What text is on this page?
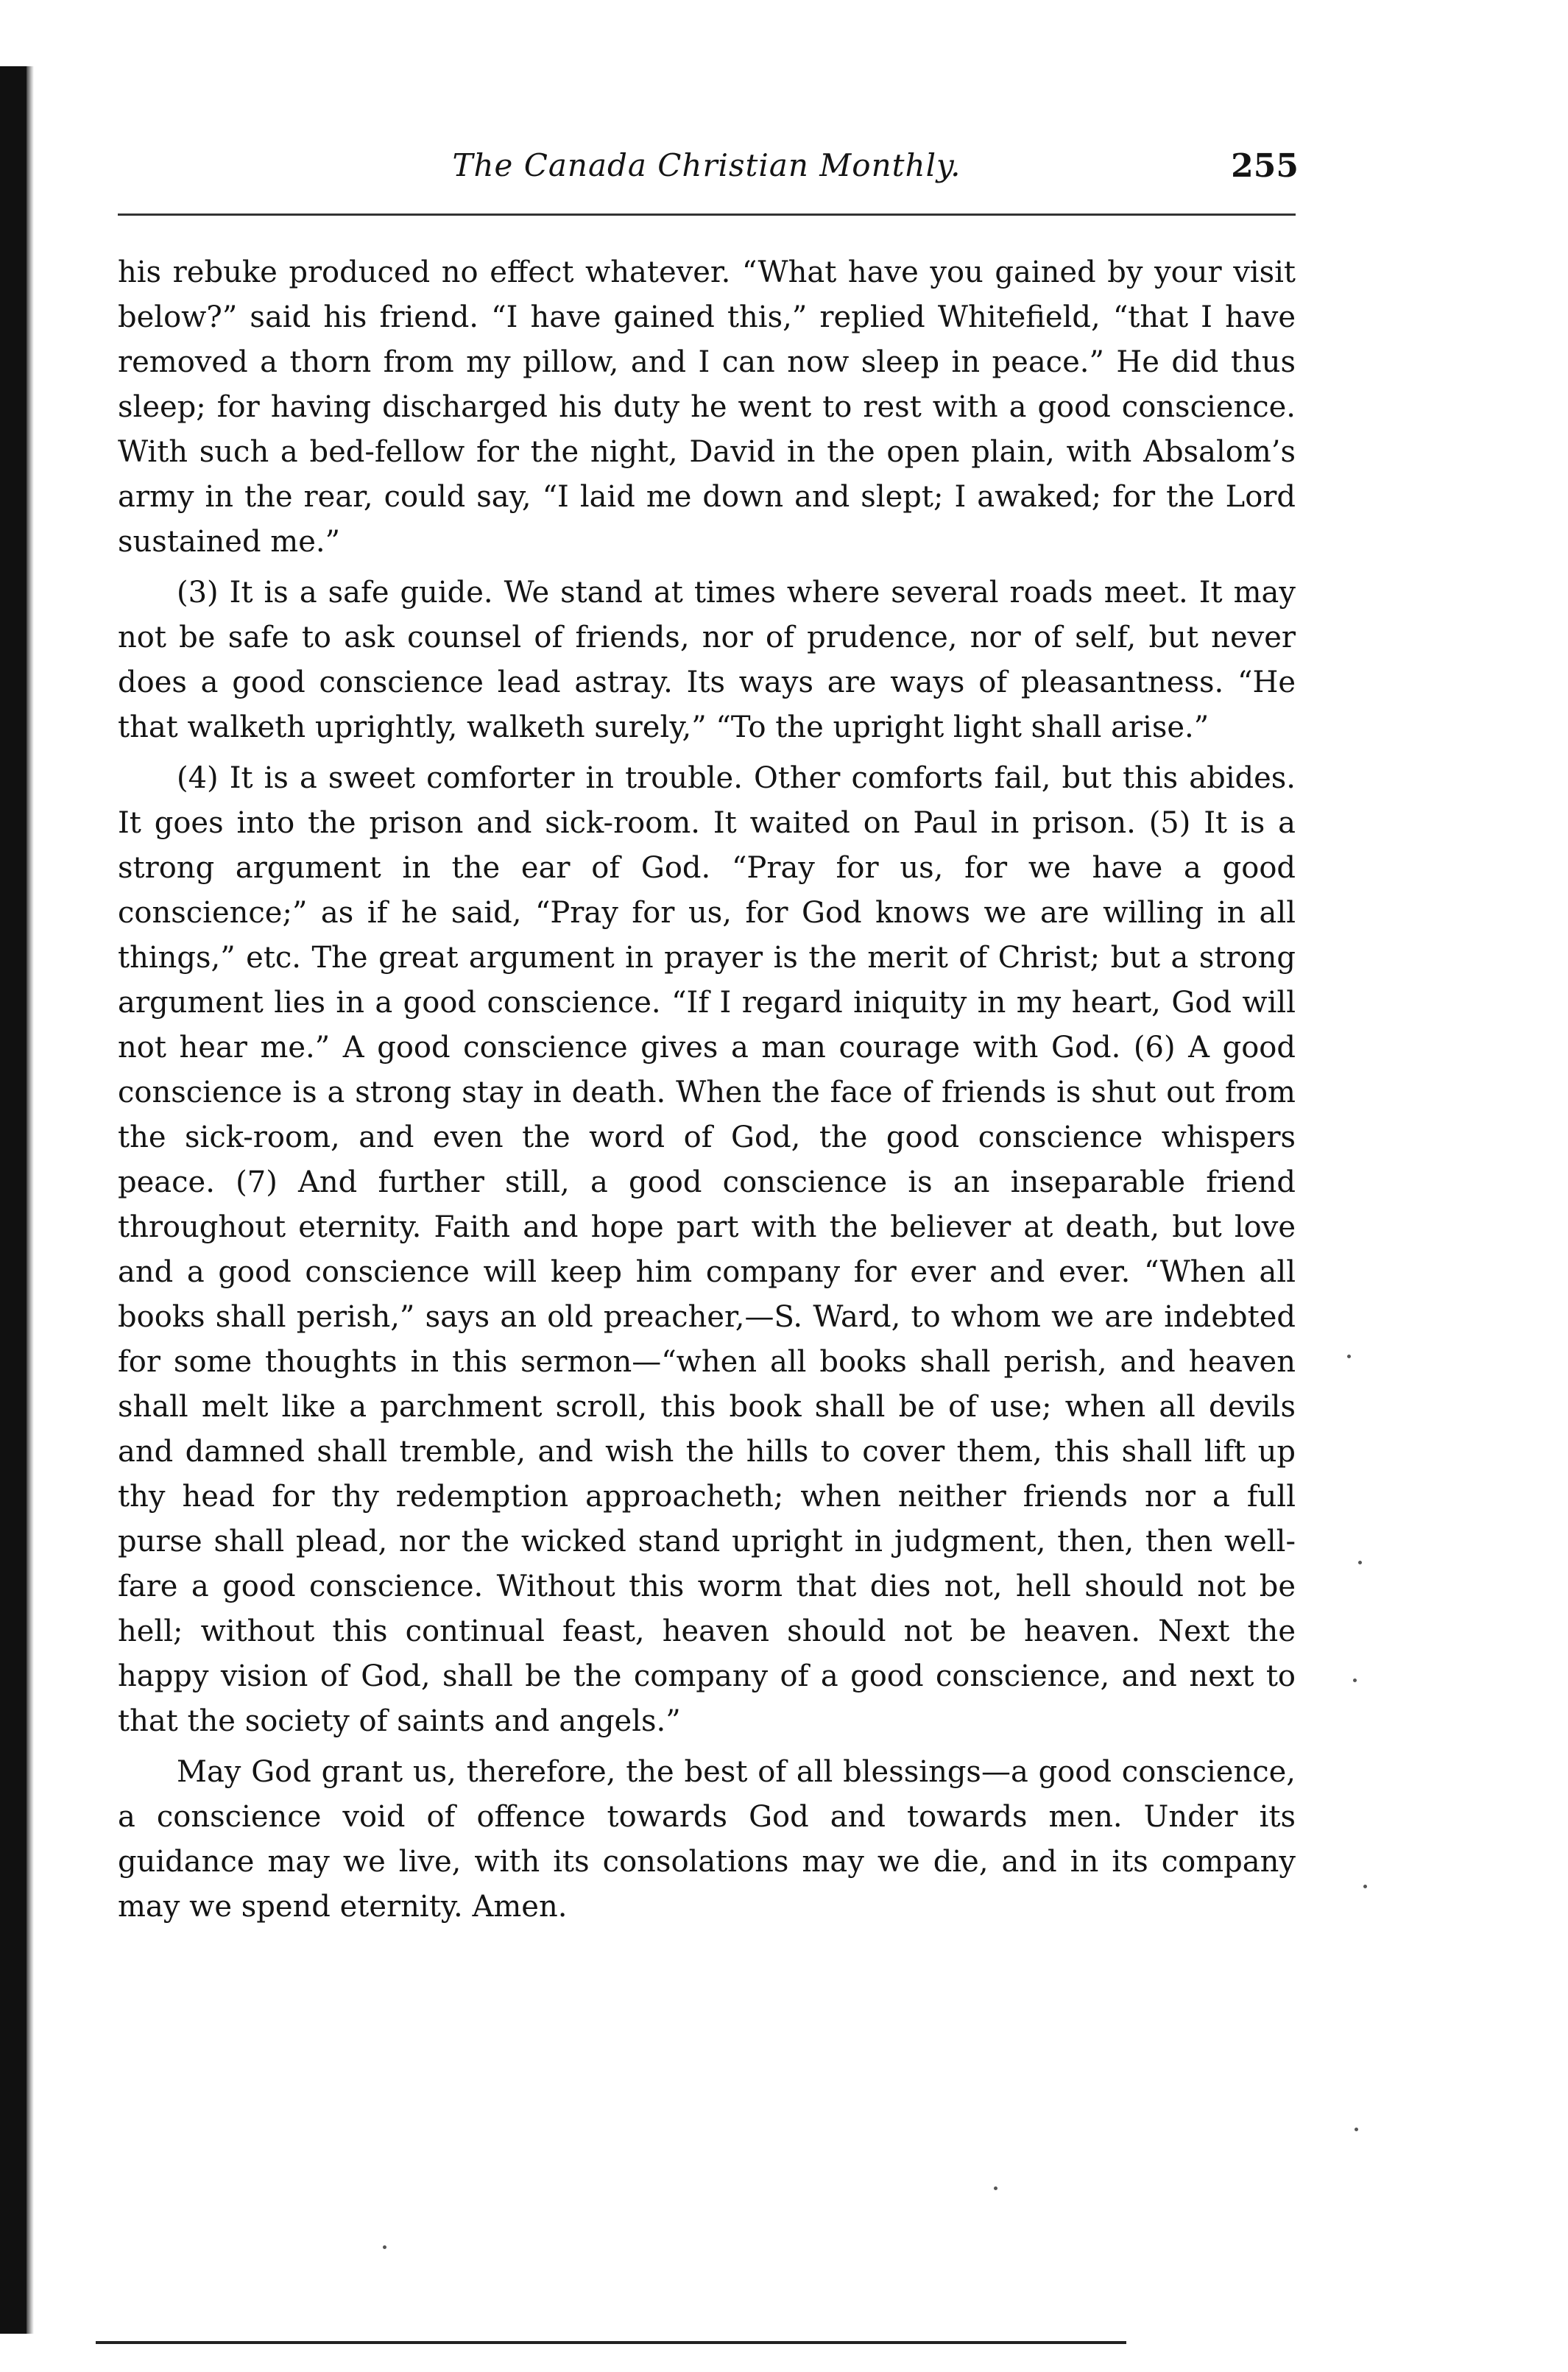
The Canada Christian Monthly.	255

his rebuke produced no effect whatever. “What have you gained by your visit below?” said his friend. “I have gained this,” replied Whitefield, “that I have removed a thorn from my pillow, and I can now sleep in peace.” He did thus sleep; for having discharged his duty he went to rest with a good conscience. With such a bed-fellow for the night, David in the open plain, with Absalom’s army in the rear, could say, “I laid me down and slept; I awaked; for the Lord sustained me.”

(3) It is a safe guide. We stand at times where several roads meet. It may not be safe to ask counsel of friends, nor of prudence, nor of self, but never does a good conscience lead astray. Its ways are ways of pleasantness. “He that walketh uprightly, walketh surely,” “To the upright light shall arise.”

(4) It is a sweet comforter in trouble. Other comforts fail, but this abides. It goes into the prison and sick-room. It waited on Paul in prison. (5) It is a strong argument in the ear of God. “Pray for us, for we have a good conscience;” as if he said, “Pray for us, for God knows we are willing in all things,” etc. The great argument in prayer is the merit of Christ; but a strong argument lies in a good conscience. “If I regard iniquity in my heart, God will not hear me.” A good conscience gives a man courage with God. (6) A good conscience is a strong stay in death. When the face of friends is shut out from the sick-room, and even the word of God, the good conscience whispers peace. (7) And further still, a good conscience is an inseparable friend throughout eternity. Faith and hope part with the believer at death, but love and a good conscience will keep him company for ever and ever. “When all books shall perish,” says an old preacher,—S. Ward, to whom we are indebted for some thoughts in this sermon—“when all books shall perish, and heaven shall melt like a parchment scroll, this book shall be of use; when all devils and damned shall tremble, and wish the hills to cover them, this shall lift up thy head for thy redemption approacheth; when neither friends nor a full purse shall plead, nor the wicked stand upright in judgment, then, then well-fare a good conscience. Without this worm that dies not, hell should not be hell; without this continual feast, heaven should not be heaven. Next the happy vision of God, shall be the company of a good conscience, and next to that the society of saints and angels.”

May God grant us, therefore, the best of all blessings—a good conscience, a conscience void of offence towards God and towards men. Under its guidance may we live, with its consolations may we die, and in its company may we spend eternity. Amen.
